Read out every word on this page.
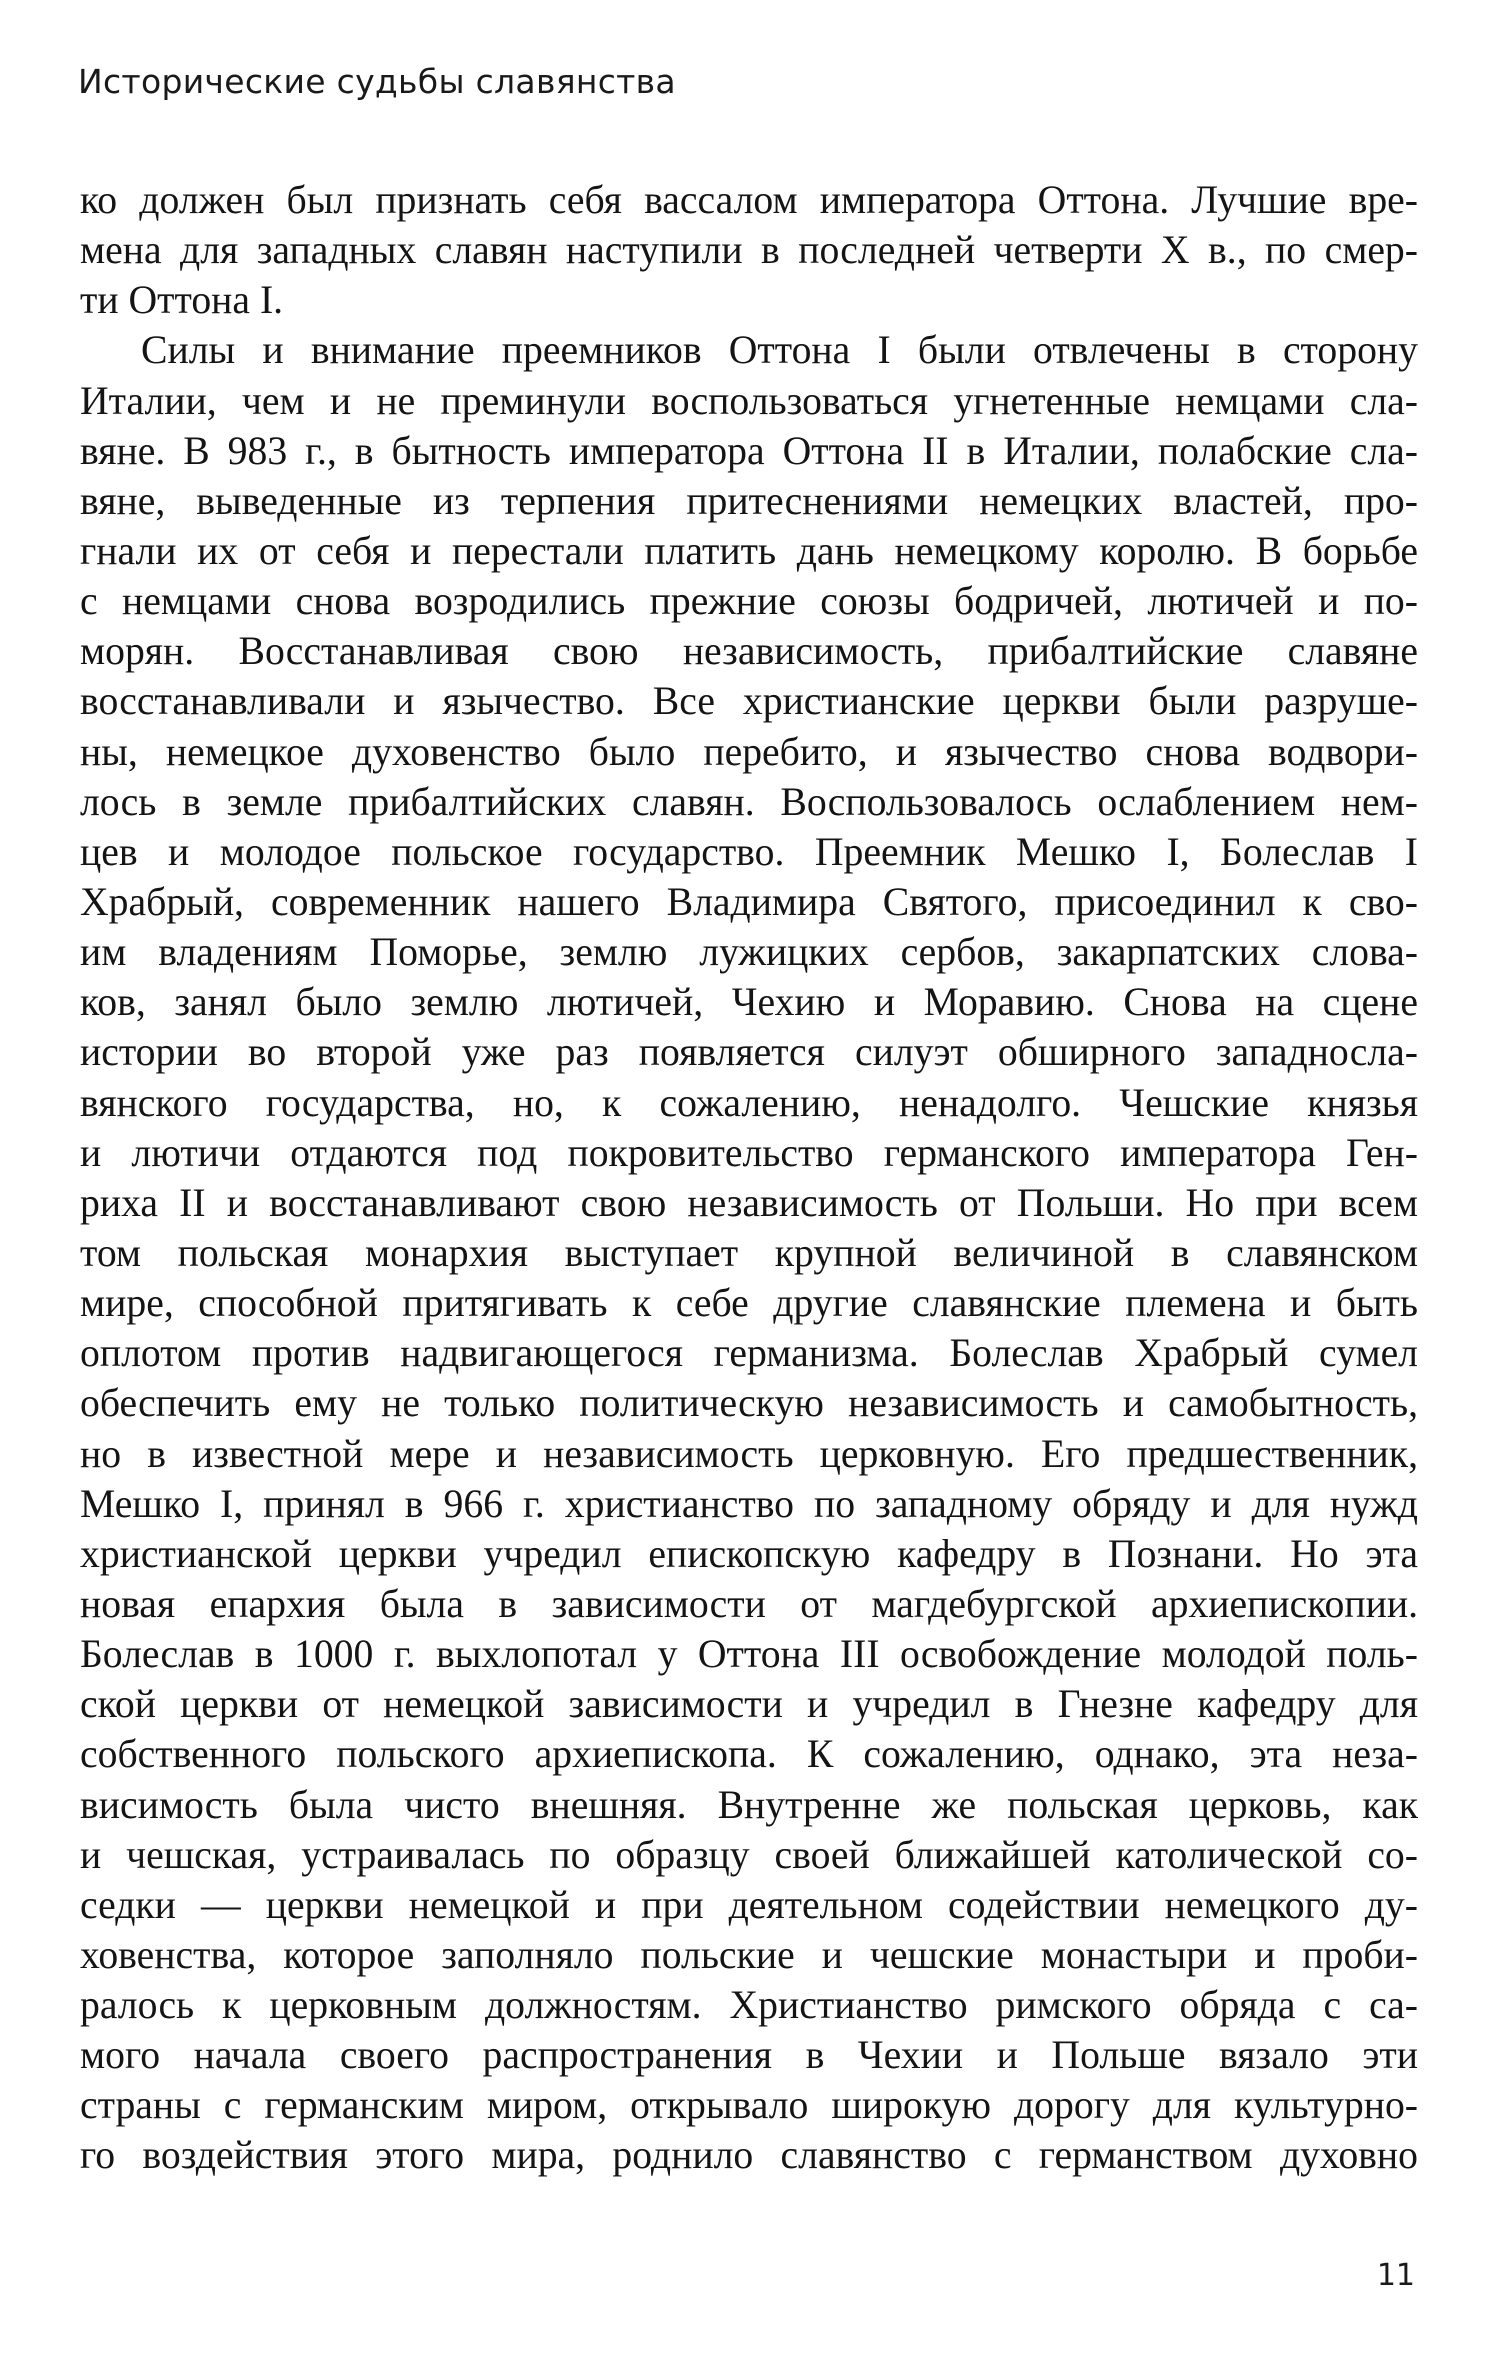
Исторические судьбы славянства
ко должен был признать себя вассалом императора Оттона. Лучшие вре-
мена для западных славян наступили в последней четверти X в., по смер-
ти Оттона I.
Силы и внимание преемников Оттона I были отвлечены в сторону
Италии, чем и не преминули воспользоваться угнетенные немцами сла-
вяне. В 983 г., в бытность императора Оттона II в Италии, полабские сла-
вяне, выведенные из терпения притеснениями немецких властей, про-
гнали их от себя и перестали платить дань немецкому королю. В борьбе
с немцами снова возродились прежние союзы бодричей, лютичей и по-
морян. Восстанавливая свою независимость, прибалтийские славяне
восстанавливали и язычество. Все христианские церкви были разруше-
ны, немецкое духовенство было перебито, и язычество снова водвори-
лось в земле прибалтийских славян. Воспользовалось ослаблением нем-
цев и молодое польское государство. Преемник Мешко I, Болеслав I
Храбрый, современник нашего Владимира Святого, присоединил к сво-
им владениям Поморье, землю лужицких сербов, закарпатских слова-
ков, занял было землю лютичей, Чехию и Моравию. Снова на сцене
истории во второй уже раз появляется силуэт обширного западносла-
вянского государства, но, к сожалению, ненадолго. Чешские князья
и лютичи отдаются под покровительство германского императора Ген-
риха II и восстанавливают свою независимость от Польши. Но при всем
том польская монархия выступает крупной величиной в славянском
мире, способной притягивать к себе другие славянские племена и быть
оплотом против надвигающегося германизма. Болеслав Храбрый сумел
обеспечить ему не только политическую независимость и самобытность,
но в известной мере и независимость церковную. Его предшественник,
Мешко I, принял в 966 г. христианство по западному обряду и для нужд
христианской церкви учредил епископскую кафедру в Познани. Но эта
новая епархия была в зависимости от магдебургской архиепископии.
Болеслав в 1000 г. выхлопотал у Оттона III освобождение молодой поль-
ской церкви от немецкой зависимости и учредил в Гнезне кафедру для
собственного польского архиепископа. К сожалению, однако, эта неза-
висимость была чисто внешняя. Внутренне же польская церковь, как
и чешская, устраивалась по образцу своей ближайшей католической со-
седки — церкви немецкой и при деятельном содействии немецкого ду-
ховенства, которое заполняло польские и чешские монастыри и проби-
ралось к церковным должностям. Христианство римского обряда с са-
мого начала своего распространения в Чехии и Польше вязало эти
страны с германским миром, открывало широкую дорогу для культурно-
го воздействия этого мира, роднило славянство с германством духовно
11
